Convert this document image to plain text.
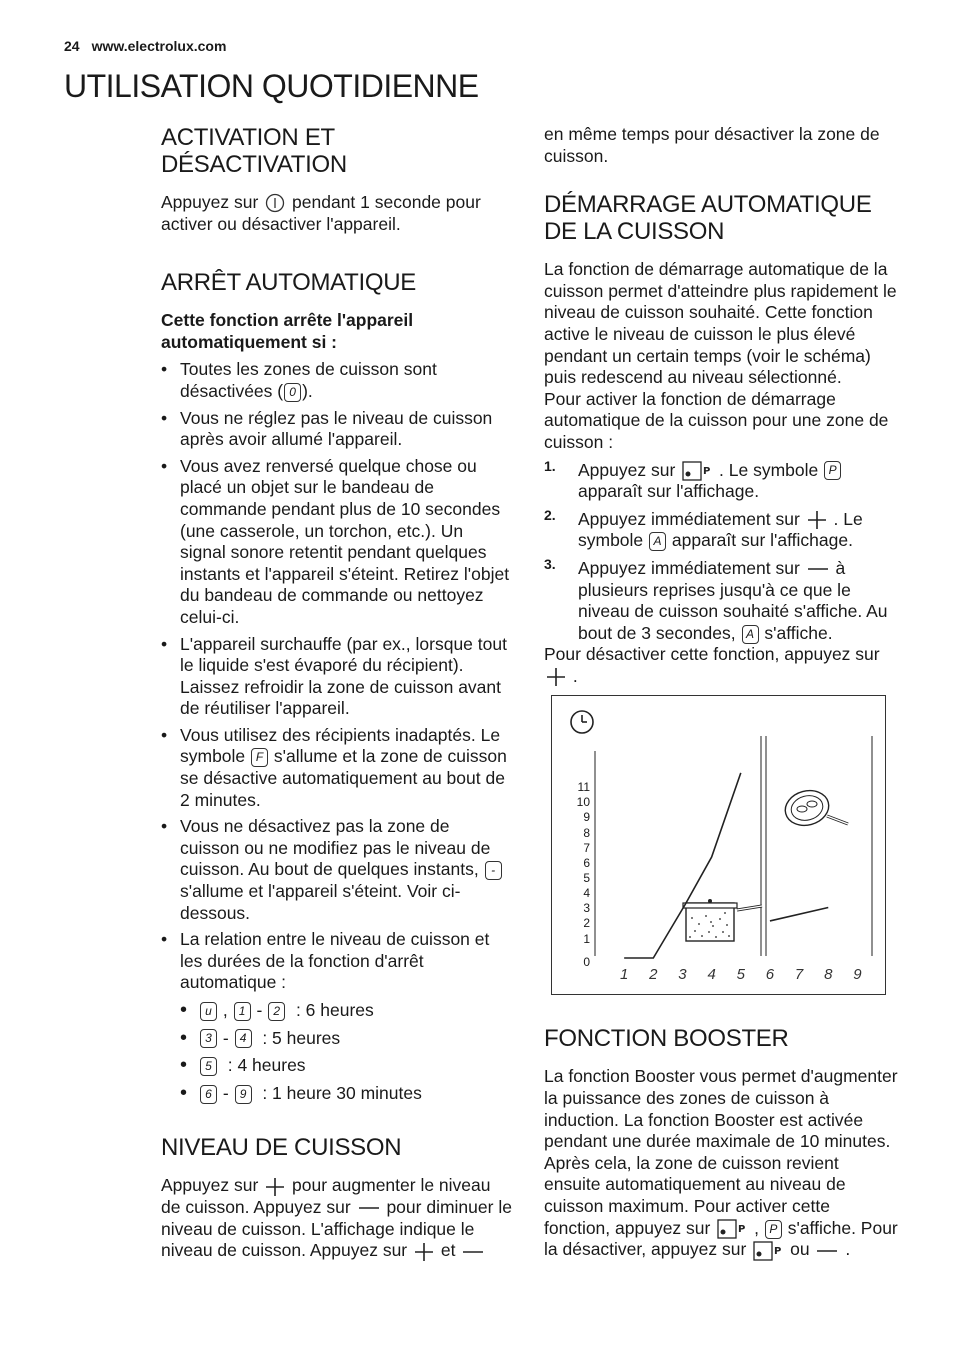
24 www.electrolux.com
UTILISATION QUOTIDIENNE
ACTIVATION ET DÉSACTIVATION

Appuyez sur pendant 1 seconde pour activer ou désactiver l'appareil.

ARRÊT AUTOMATIQUE

Cette fonction arrête l'appareil automatiquement si :

• Toutes les zones de cuisson sont désactivées ( 0 ).
• Vous ne réglez pas le niveau de cuisson après avoir allumé l'appareil.
• Vous avez renversé quelque chose ou placé un objet sur le bandeau de commande pendant plus de 10 secondes (une casserole, un torchon, etc.). Un signal sonore retentit pendant quelques instants et l'appareil s'éteint. Retirez l'objet du bandeau de commande ou nettoyez celui-ci.
• L'appareil surchauffe (par ex., lorsque tout le liquide s'est évaporé du récipient). Laissez refroidir la zone de cuisson avant de réutiliser l'appareil.
• Vous utilisez des récipients inadaptés. Le symbole F s'allume et la zone de cuisson se désactive automatiquement au bout de 2 minutes.
• Vous ne désactivez pas la zone de cuisson ou ne modifiez pas le niveau de cuisson. Au bout de quelques instants, - s'allume et l'appareil s'éteint. Voir ci-dessous.
• La relation entre le niveau de cuisson et les durées de la fonction d'arrêt automatique :
• u , 1 - 2 : 6 heures
• 3 - 4 : 5 heures
• 5 : 4 heures
• 6 - 9 : 1 heure 30 minutes
NIVEAU DE CUISSON

Appuyez sur pour augmenter le niveau de cuisson. Appuyez sur pour diminuer le niveau de cuisson. L'affichage indique le niveau de cuisson. Appuyez sur et

en même temps pour désactiver la zone de cuisson.

DÉMARRAGE AUTOMATIQUE DE LA CUISSON

La fonction de démarrage automatique de la cuisson permet d'atteindre plus rapidement le niveau de cuisson souhaité. Cette fonction active le niveau de cuisson le plus élevé pendant un certain temps (voir le schéma) puis redescend au niveau sélectionné.

Pour activer la fonction de démarrage automatique de la cuisson pour une zone de cuisson :

1. Appuyez sur	P . Le symbole P apparaît sur l'affichage.
2. Appuyez immédiatement sur . Le symbole A apparaît sur l'affichage.
3. Appuyez immédiatement sur à plusieurs reprises jusqu'à ce que le niveau de cuisson souhaité s'affiche. Au bout de 3 secondes, A s'affiche.

Pour désactiver cette fonction, appuyez sur  .

0
1
2
3
4
5
6
7
8
9
10
11
1 2 3 4 5 6 7 8 9
FONCTION BOOSTER

La fonction Booster vous permet d'augmenter la puissance des zones de cuisson à induction. La fonction Booster est activée pendant une durée maximale de 10 minutes. Après cela, la zone de cuisson revient ensuite automatiquement au niveau de cuisson maximum. Pour activer cette fonction, appuyez sur	P , P s'affiche. Pour la désactiver, appuyez sur	P ou .
